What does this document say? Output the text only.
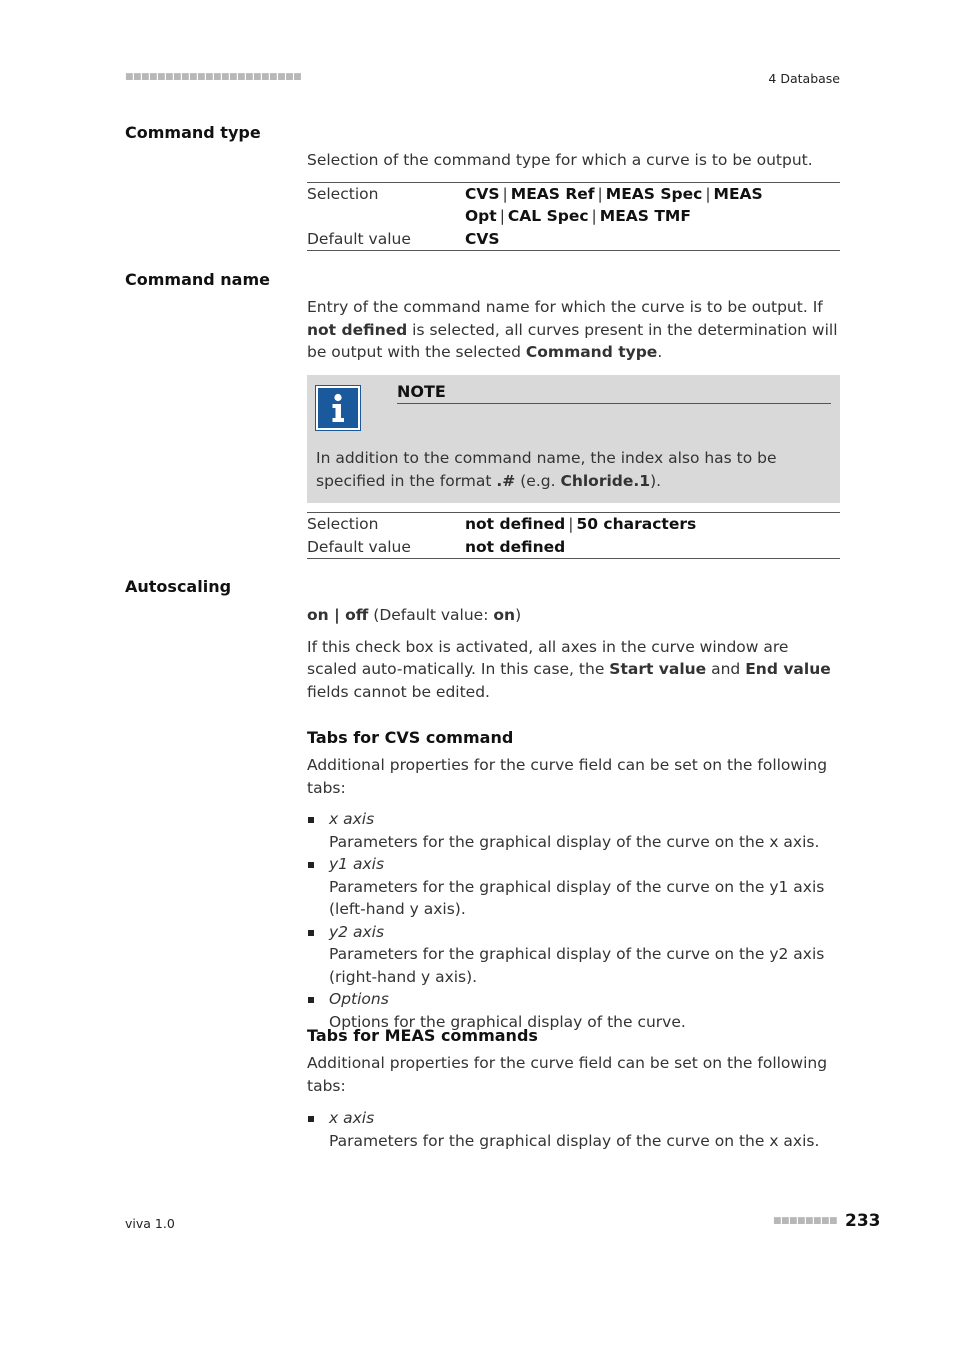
■■■■■■■■■■■■■■■■■■■■■■	4 Database
Command type

Selection of the command type for which a curve is to be output.

Selection	CVS | MEAS Ref | MEAS Spec | MEAS Opt | CAL Spec | MEAS TMF
Default value	CVS
Command name

Entry of the command name for which the curve is to be output. If not defined is selected, all curves present in the determination will be output with the selected Command type.

NOTE
In addition to the command name, the index also has to be specified in the format .# (e.g. Chloride.1).
Selection	not defined | 50 characters
Default value	not defined
Autoscaling

on | off (Default value: on)

If this check box is activated, all axes in the curve window are scaled auto-matically. In this case, the Start value and End value fields cannot be edited.

Tabs for CVS command

Additional properties for the curve field can be set on the following tabs:

x axis
Parameters for the graphical display of the curve on the x axis.
y1 axis
Parameters for the graphical display of the curve on the y1 axis (left-hand y axis).
y2 axis
Parameters for the graphical display of the curve on the y2 axis (right-hand y axis).
Options
Options for the graphical display of the curve.
Tabs for MEAS commands

Additional properties for the curve field can be set on the following tabs:

x axis
Parameters for the graphical display of the curve on the x axis.
viva 1.0	■■■■■■■■ 233
